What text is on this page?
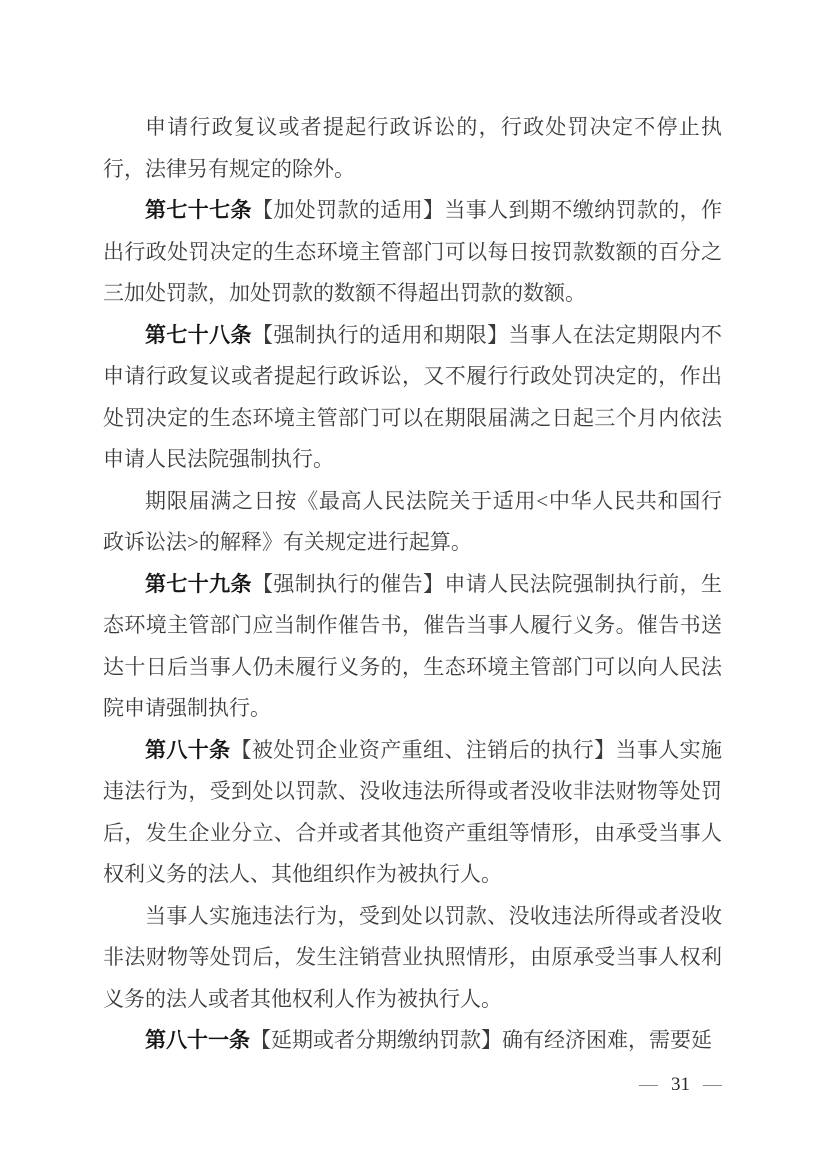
申请行政复议或者提起行政诉讼的，行政处罚决定不停止执行，法律另有规定的除外。

第七十七条【加处罚款的适用】当事人到期不缴纳罚款的，作出行政处罚决定的生态环境主管部门可以每日按罚款数额的百分之三加处罚款，加处罚款的数额不得超出罚款的数额。

第七十八条【强制执行的适用和期限】当事人在法定期限内不申请行政复议或者提起行政诉讼，又不履行行政处罚决定的，作出处罚决定的生态环境主管部门可以在期限届满之日起三个月内依法申请人民法院强制执行。

期限届满之日按《最高人民法院关于适用<中华人民共和国行政诉讼法>的解释》有关规定进行起算。

第七十九条【强制执行的催告】申请人民法院强制执行前，生态环境主管部门应当制作催告书，催告当事人履行义务。催告书送达十日后当事人仍未履行义务的，生态环境主管部门可以向人民法院申请强制执行。

第八十条【被处罚企业资产重组、注销后的执行】当事人实施违法行为，受到处以罚款、没收违法所得或者没收非法财物等处罚后，发生企业分立、合并或者其他资产重组等情形，由承受当事人权利义务的法人、其他组织作为被执行人。

当事人实施违法行为，受到处以罚款、没收违法所得或者没收非法财物等处罚后，发生注销营业执照情形，由原承受当事人权利义务的法人或者其他权利人作为被执行人。

第八十一条【延期或者分期缴纳罚款】确有经济困难，需要延

— 31 —
